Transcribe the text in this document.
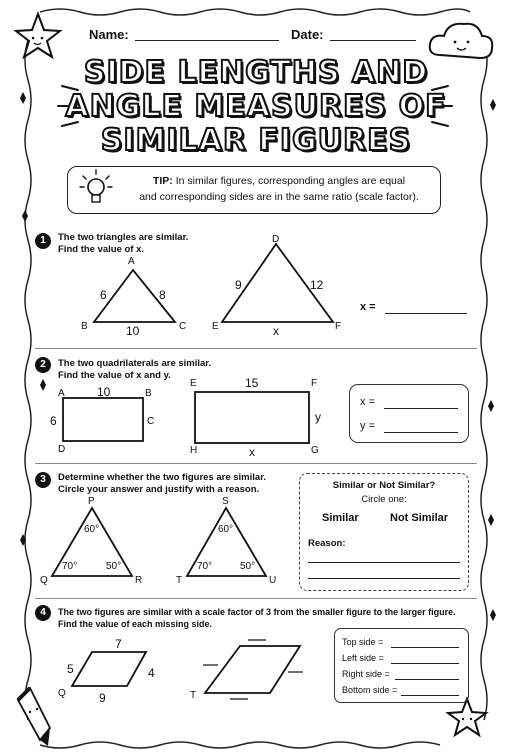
Name:	Date:
SIDE LENGTHS AND
ANGLE MEASURES OF
SIMILAR FIGURES
TIP: In similar figures, corresponding angles are equal
and corresponding sides are in the same ratio (scale factor).
1	The two triangles are similar.
Find the value of x.
A
B	C
6	8
10
D
E	F
9	12
x
x =
2	The two quadrilaterals are similar.
Find the value of x and y.
A	B
C
D
10
6
E	F
G
H
15
y
x
x =
y =
3	Determine whether the two figures are similar.
Circle your answer and justify with a reason.
P
Q	R
60°
70°	50°
S
T	U
60°
70°	50°
Similar or Not Similar?
Circle one:
Similar	Not Similar
Reason:
4	The two figures are similar with a scale factor of 3 from the smaller figure to the larger figure.
Find the value of each missing side.
7
5	4
9
Q	T
Top side =
Left side =
Right side =
Bottom side =
